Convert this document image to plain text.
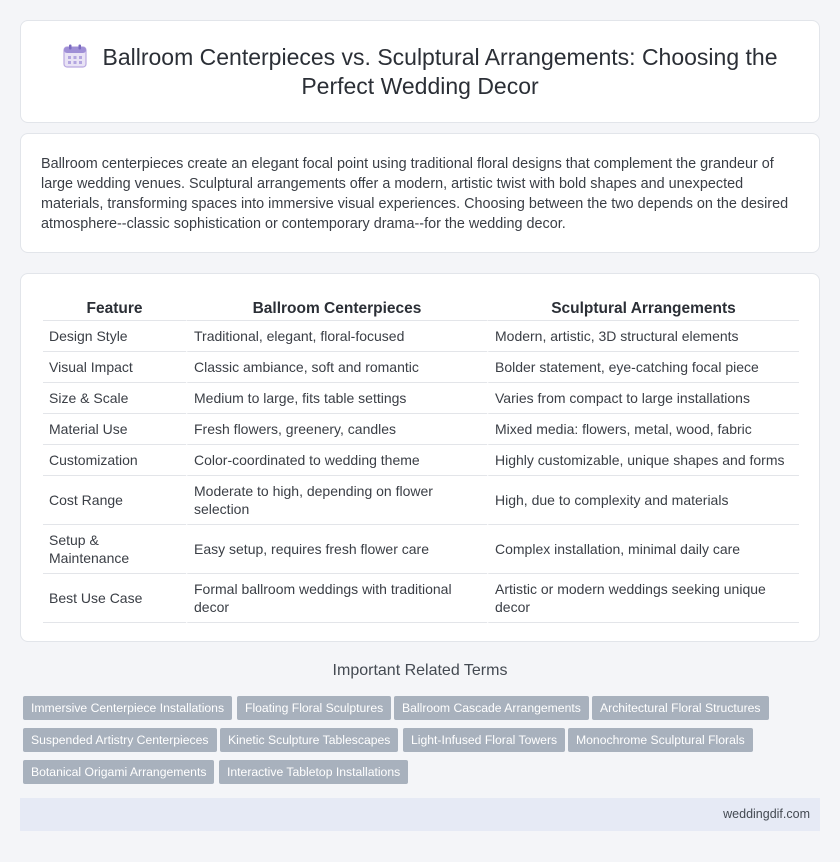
Ballroom Centerpieces vs. Sculptural Arrangements: Choosing the Perfect Wedding Decor

Ballroom centerpieces create an elegant focal point using traditional floral designs that complement the grandeur of large wedding venues. Sculptural arrangements offer a modern, artistic twist with bold shapes and unexpected materials, transforming spaces into immersive visual experiences. Choosing between the two depends on the desired atmosphere--classic sophistication or contemporary drama--for the wedding decor.

Feature	Ballroom Centerpieces	Sculptural Arrangements
Design Style	Traditional, elegant, floral-focused	Modern, artistic, 3D structural elements
Visual Impact	Classic ambiance, soft and romantic	Bolder statement, eye-catching focal piece
Size & Scale	Medium to large, fits table settings	Varies from compact to large installations
Material Use	Fresh flowers, greenery, candles	Mixed media: flowers, metal, wood, fabric
Customization	Color-coordinated to wedding theme	Highly customizable, unique shapes and forms
Cost Range	Moderate to high, depending on flower selection	High, due to complexity and materials
Setup & Maintenance	Easy setup, requires fresh flower care	Complex installation, minimal daily care
Best Use Case	Formal ballroom weddings with traditional decor	Artistic or modern weddings seeking unique decor
Important Related Terms
Immersive Centerpiece Installations	Floating Floral Sculptures	Ballroom Cascade Arrangements	Architectural Floral Structures
Suspended Artistry Centerpieces	Kinetic Sculpture Tablescapes	Light-Infused Floral Towers	Monochrome Sculptural Florals
Botanical Origami Arrangements	Interactive Tabletop Installations
weddingdif.com
